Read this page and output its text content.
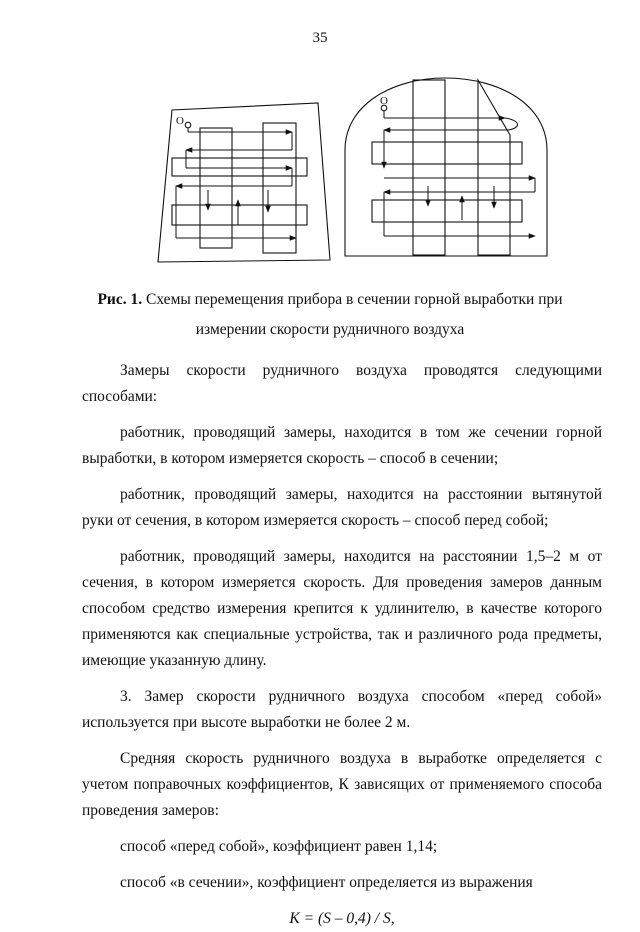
35
O
O
Рис. 1. Схемы перемещения прибора в сечении горной выработки при
измерении скорости рудничного воздуха

Замеры скорости рудничного воздуха проводятся следующими способами:

работник, проводящий замеры, находится в том же сечении горной выработки, в котором измеряется скорость – способ в сечении;

работник, проводящий замеры, находится на расстоянии вытянутой руки от сечения, в котором измеряется скорость – способ перед собой;

работник, проводящий замеры, находится на расстоянии 1,5–2 м от сечения, в котором измеряется скорость. Для проведения замеров данным способом средство измерения крепится к удлинителю, в качестве которого применяются как специальные устройства, так и различного рода предметы, имеющие указанную длину.

3. Замер скорости рудничного воздуха способом «перед собой» используется при высоте выработки не более 2 м.

Средняя скорость рудничного воздуха в выработке определяется с учетом поправочных коэффициентов, К зависящих от применяемого способа проведения замеров:

способ «перед собой», коэффициент равен 1,14;

способ «в сечении», коэффициент определяется из выражения

K = (S – 0,4) / S,
